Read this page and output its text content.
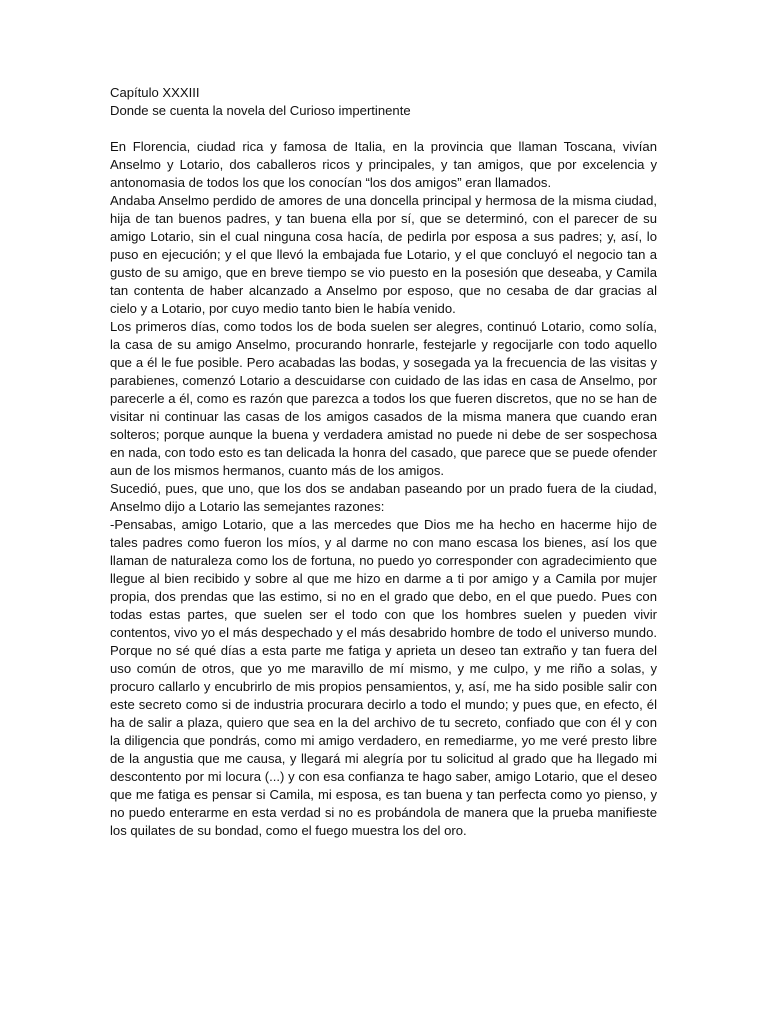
Capítulo XXXIII

Donde se cuenta la novela del Curioso impertinente

En Florencia, ciudad rica y famosa de Italia, en la provincia que llaman Toscana, vivían Anselmo y Lotario, dos caballeros ricos y principales, y tan amigos, que por excelencia y antonomasia de todos los que los conocían “los dos amigos” eran llamados.

Andaba Anselmo perdido de amores de una doncella principal y hermosa de la misma ciudad, hija de tan buenos padres, y tan buena ella por sí, que se determinó, con el parecer de su amigo Lotario, sin el cual ninguna cosa hacía, de pedirla por esposa a sus padres; y, así, lo puso en ejecución; y el que llevó la embajada fue Lotario, y el que concluyó el negocio tan a gusto de su amigo, que en breve tiempo se vio puesto en la posesión que deseaba, y Camila tan contenta de haber alcanzado a Anselmo por esposo, que no cesaba de dar gracias al cielo y a Lotario, por cuyo medio tanto bien le había venido.

Los primeros días, como todos los de boda suelen ser alegres, continuó Lotario, como solía, la casa de su amigo Anselmo, procurando honrarle, festejarle y regocijarle con todo aquello que a él le fue posible. Pero acabadas las bodas, y sosegada ya la frecuencia de las visitas y parabienes, comenzó Lotario a descuidarse con cuidado de las idas en casa de Anselmo, por parecerle a él, como es razón que parezca a todos los que fueren discretos, que no se han de visitar ni continuar las casas de los amigos casados de la misma manera que cuando eran solteros; porque aunque la buena y verdadera amistad no puede ni debe de ser sospechosa en nada, con todo esto es tan delicada la honra del casado, que parece que se puede ofender aun de los mismos hermanos, cuanto más de los amigos.

Sucedió, pues, que uno, que los dos se andaban paseando por un prado fuera de la ciudad, Anselmo dijo a Lotario las semejantes razones:

-Pensabas, amigo Lotario, que a las mercedes que Dios me ha hecho en hacerme hijo de tales padres como fueron los míos, y al darme no con mano escasa los bienes, así los que llaman de naturaleza como los de fortuna, no puedo yo corresponder con agradecimiento que llegue al bien recibido y sobre al que me hizo en darme a ti por amigo y a Camila por mujer propia, dos prendas que las estimo, si no en el grado que debo, en el que puedo. Pues con todas estas partes, que suelen ser el todo con que los hombres suelen y pueden vivir contentos, vivo yo el más despechado y el más desabrido hombre de todo el universo mundo. Porque no sé qué días a esta parte me fatiga y aprieta un deseo tan extraño y tan fuera del uso común de otros, que yo me maravillo de mí mismo, y me culpo, y me riño a solas, y procuro callarlo y encubrirlo de mis propios pensamientos, y, así, me ha sido posible salir con este secreto como si de industria procurara decirlo a todo el mundo; y pues que, en efecto, él ha de salir a plaza, quiero que sea en la del archivo de tu secreto, confiado que con él y con la diligencia que pondrás, como mi amigo verdadero, en remediarme, yo me veré presto libre de la angustia que me causa, y llegará mi alegría por tu solicitud al grado que ha llegado mi descontento por mi locura (...) y con esa confianza te hago saber, amigo Lotario, que el deseo que me fatiga es pensar si Camila, mi esposa, es tan buena y tan perfecta como yo pienso, y no puedo enterarme en esta verdad si no es probándola de manera que la prueba manifieste los quilates de su bondad, como el fuego muestra los del oro.
